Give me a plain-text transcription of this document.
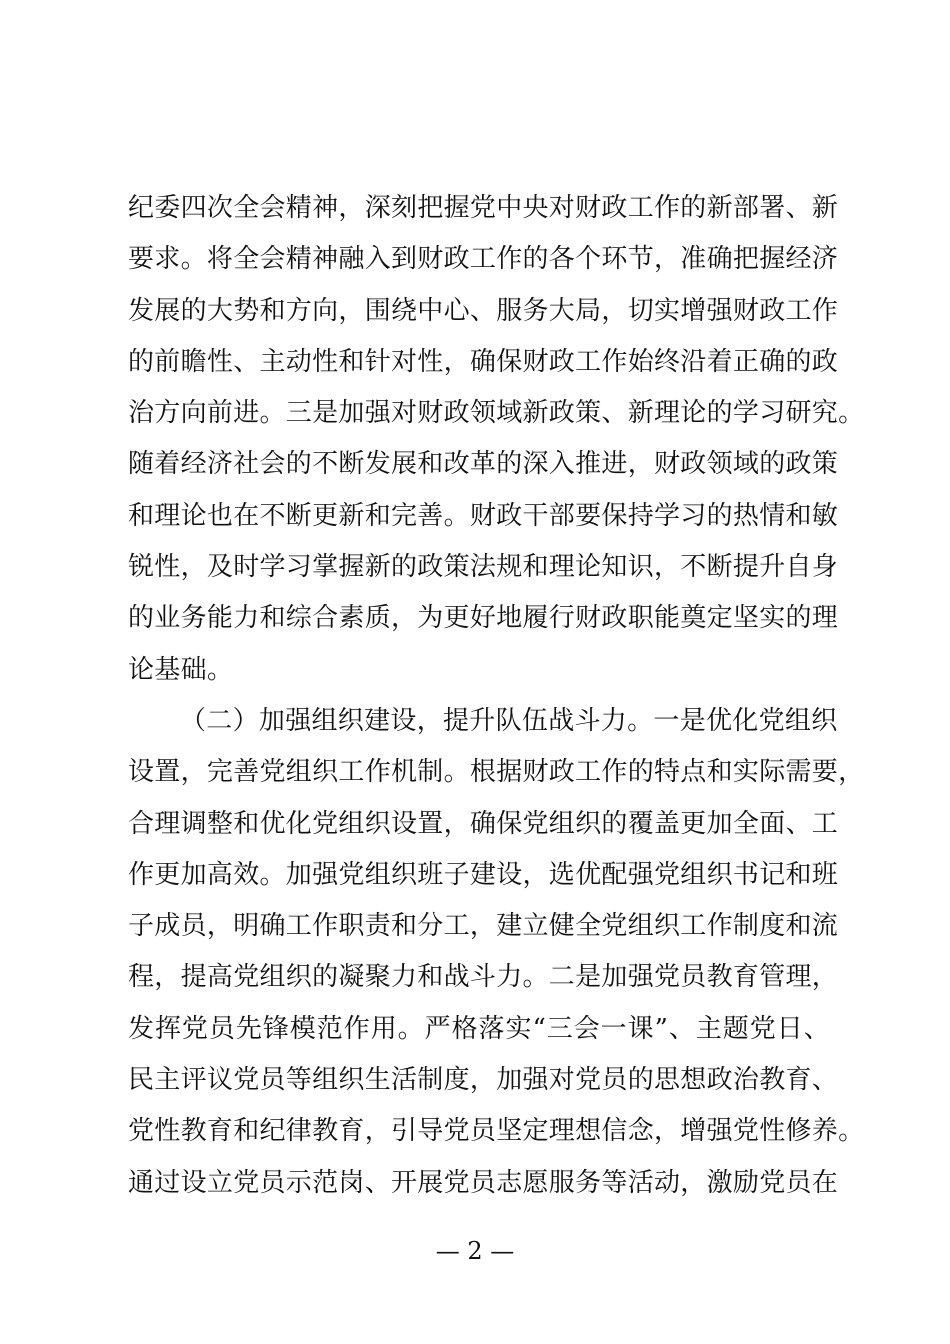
纪委四次全会精神，深刻把握党中央对财政工作的新部署、新
要求。将全会精神融入到财政工作的各个环节，准确把握经济
发展的大势和方向，围绕中心、服务大局，切实增强财政工作
的前瞻性、主动性和针对性，确保财政工作始终沿着正确的政
治方向前进。三是加强对财政领域新政策、新理论的学习研究。
随着经济社会的不断发展和改革的深入推进，财政领域的政策
和理论也在不断更新和完善。财政干部要保持学习的热情和敏
锐性，及时学习掌握新的政策法规和理论知识，不断提升自身
的业务能力和综合素质，为更好地履行财政职能奠定坚实的理
论基础。
（二）加强组织建设，提升队伍战斗力。一是优化党组织
设置，完善党组织工作机制。根据财政工作的特点和实际需要，
合理调整和优化党组织设置，确保党组织的覆盖更加全面、工
作更加高效。加强党组织班子建设，选优配强党组织书记和班
子成员，明确工作职责和分工，建立健全党组织工作制度和流
程，提高党组织的凝聚力和战斗力。二是加强党员教育管理，
发挥党员先锋模范作用。严格落实“三会一课”、主题党日、
民主评议党员等组织生活制度，加强对党员的思想政治教育、
党性教育和纪律教育，引导党员坚定理想信念，增强党性修养。
通过设立党员示范岗、开展党员志愿服务等活动，激励党员在
— 2 —
